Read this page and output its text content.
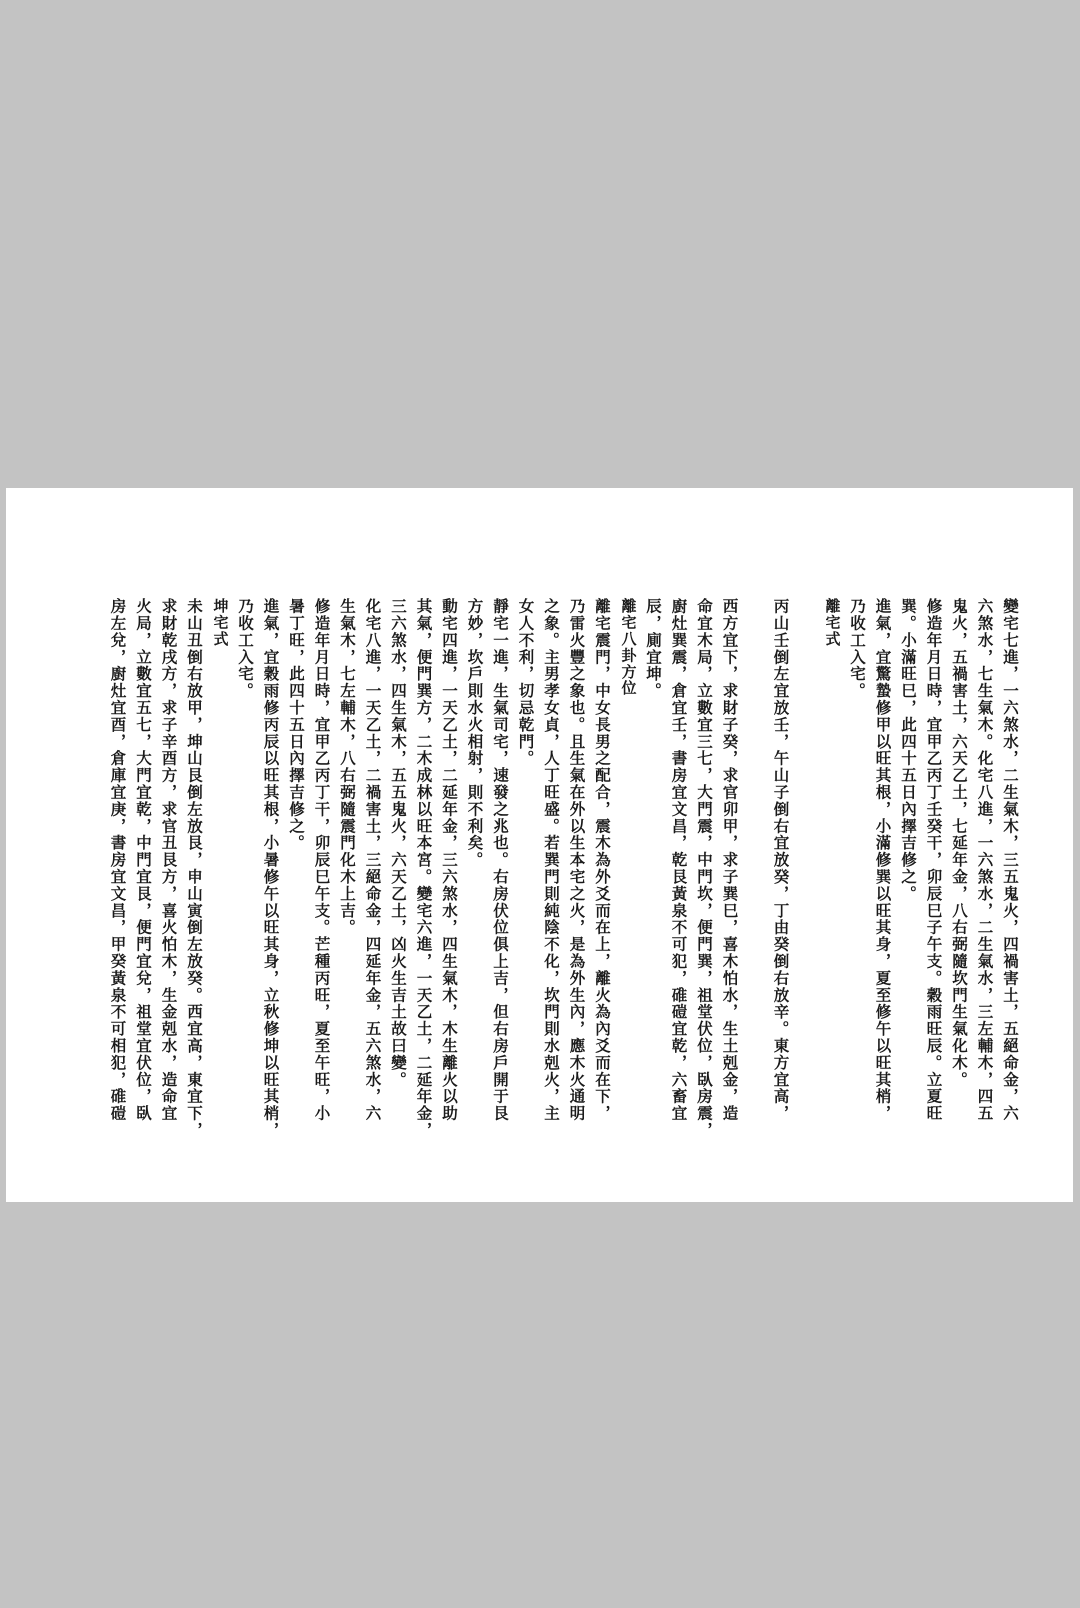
變宅七進，一六煞水，二生氣木，三五鬼火，四禍害土，五絕命金，六

六煞水，七生氣木。化宅八進，一六煞水，二生氣水，三左輔木，四五

鬼火，五禍害土，六天乙土，七延年金，八右弼隨坎門生氣化木。

修造年月日時，宜甲乙丙丁壬癸干，卯辰巳子午支。穀雨旺辰。立夏旺

巽。小滿旺巳，此四十五日內擇吉修之。

進氣，宜驚蟄修甲以旺其根，小滿修巽以旺其身，夏至修午以旺其梢，

乃收工入宅。

離宅式

丙山壬倒左宜放壬，午山子倒右宜放癸，丁由癸倒右放辛。東方宜高，

西方宜下，求財子癸，求官卯甲，求子巽巳，喜木怕水，生土剋金，造

命宜木局，立數宜三七，大門震，中門坎，便門巽，祖堂伏位，臥房震，

廚灶巽震，倉宜壬，書房宜文昌，乾艮黃泉不可犯，碓磑宜乾，六畜宜

辰，廁宜坤。

離宅八卦方位

離宅震門，中女長男之配合，震木為外爻而在上，離火為內爻而在下，

乃雷火豐之象也。且生氣在外以生本宅之火，是為外生內，應木火通明

之象。主男孝女貞，人丁旺盛。若巽門則純陰不化，坎門則水剋火，主

女人不利，切忌乾門。

靜宅一進，生氣司宅，速發之兆也。右房伏位俱上吉，但右房戶開于艮

方妙，坎戶則水火相射，則不利矣。

動宅四進，一天乙土，二延年金，三六煞水，四生氣木，木生離火以助

其氣，便門巽方，二木成林以旺本宮。變宅六進，一天乙土，二延年金，

三六煞水，四生氣木，五五鬼火，六天乙土，凶火生吉土故曰變。

化宅八進，一天乙土，二禍害土，三絕命金，四延年金，五六煞水，六

生氣木，七左輔木，八右弼隨震門化木上吉。

修造年月日時，宜甲乙丙丁干，卯辰巳午支。芒種丙旺，夏至午旺，小

暑丁旺，此四十五日內擇吉修之。

進氣，宜穀雨修丙辰以旺其根，小暑修午以旺其身，立秋修坤以旺其梢，

乃收工入宅。

坤宅式

未山丑倒右放甲，坤山艮倒左放艮，申山寅倒左放癸。西宜高，東宜下，

求財乾戌方，求子辛酉方，求官丑艮方，喜火怕木，生金剋水，造命宜

火局，立數宜五七，大門宜乾，中門宜艮，便門宜兌，祖堂宜伏位，臥

房左兌，廚灶宜酉，倉庫宜庚，書房宜文昌，甲癸黃泉不可相犯，碓磑
